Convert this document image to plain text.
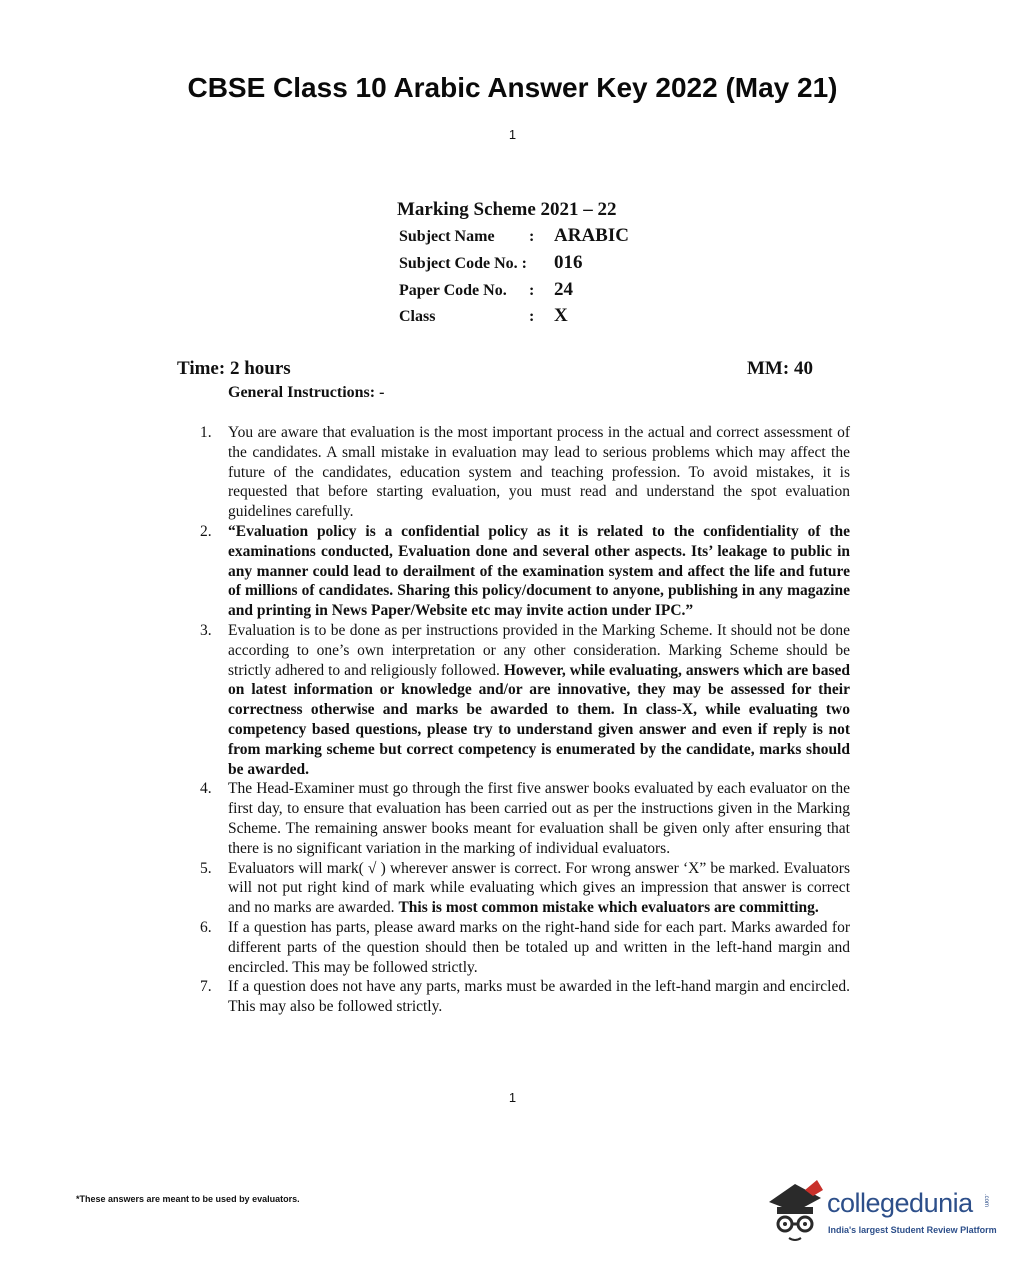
CBSE Class 10 Arabic Answer Key 2022 (May 21)
1
Marking Scheme 2021 – 22
Subject Name : ARABIC
Subject Code No. : 016
Paper Code No. : 24
Class	: X
Time: 2 hours	MM: 40
General Instructions: -
1. You are aware that evaluation is the most important process in the actual and correct assessment of the candidates. A small mistake in evaluation may lead to serious problems which may affect the future of the candidates, education system and teaching profession. To avoid mistakes, it is requested that before starting evaluation, you must read and understand the spot evaluation guidelines carefully.
2. “Evaluation policy is a confidential policy as it is related to the confidentiality of the examinations conducted, Evaluation done and several other aspects. Its’ leakage to public in any manner could lead to derailment of the examination system and affect the life and future of millions of candidates. Sharing this policy/document to anyone, publishing in any magazine and printing in News Paper/Website etc may invite action under IPC.”
3. Evaluation is to be done as per instructions provided in the Marking Scheme. It should not be done according to one’s own interpretation or any other consideration. Marking Scheme should be strictly adhered to and religiously followed. However, while evaluating, answers which are based on latest information or knowledge and/or are innovative, they may be assessed for their correctness otherwise and marks be awarded to them. In class-X, while evaluating two competency based questions, please try to understand given answer and even if reply is not from marking scheme but correct competency is enumerated by the candidate, marks should be awarded.
4. The Head-Examiner must go through the first five answer books evaluated by each evaluator on the first day, to ensure that evaluation has been carried out as per the instructions given in the Marking Scheme. The remaining answer books meant for evaluation shall be given only after ensuring that there is no significant variation in the marking of individual evaluators.
5. Evaluators will mark( √ ) wherever answer is correct. For wrong answer ‘X” be marked. Evaluators will not put right kind of mark while evaluating which gives an impression that answer is correct and no marks are awarded. This is most common mistake which evaluators are committing.
6. If a question has parts, please award marks on the right-hand side for each part. Marks awarded for different parts of the question should then be totaled up and written in the left-hand margin and encircled. This may be followed strictly.
7. If a question does not have any parts, marks must be awarded in the left-hand margin and encircled. This may also be followed strictly.
1
*These answers are meant to be used by evaluators.	collegedunia .com
India's largest Student Review Platform
